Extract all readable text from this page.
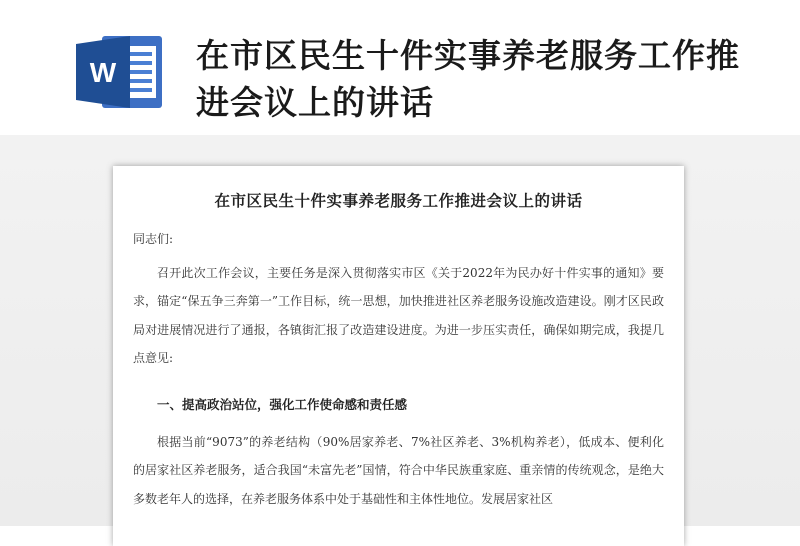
W 在市区民生十件实事养老服务工作推进会议上的讲话
在市区民生十件实事养老服务工作推进会议上的讲话
同志们:

召开此次工作会议，主要任务是深入贯彻落实市区《关于2022年为民办好十件实事的通知》要求，锚定“保五争三奔第一”工作目标，统一思想，加快推进社区养老服务设施改造建设。刚才区民政局对进展情况进行了通报，各镇街汇报了改造建设进度。为进一步压实责任，确保如期完成，我提几点意见:

一、提高政治站位，强化工作使命感和责任感

根据当前“9073”的养老结构（90%居家养老、7%社区养老、3%机构养老），低成本、便利化的居家社区养老服务，适合我国“未富先老”国情，符合中华民族重家庭、重亲情的传统观念，是绝大多数老年人的选择，在养老服务体系中处于基础性和主体性地位。发展居家社区
